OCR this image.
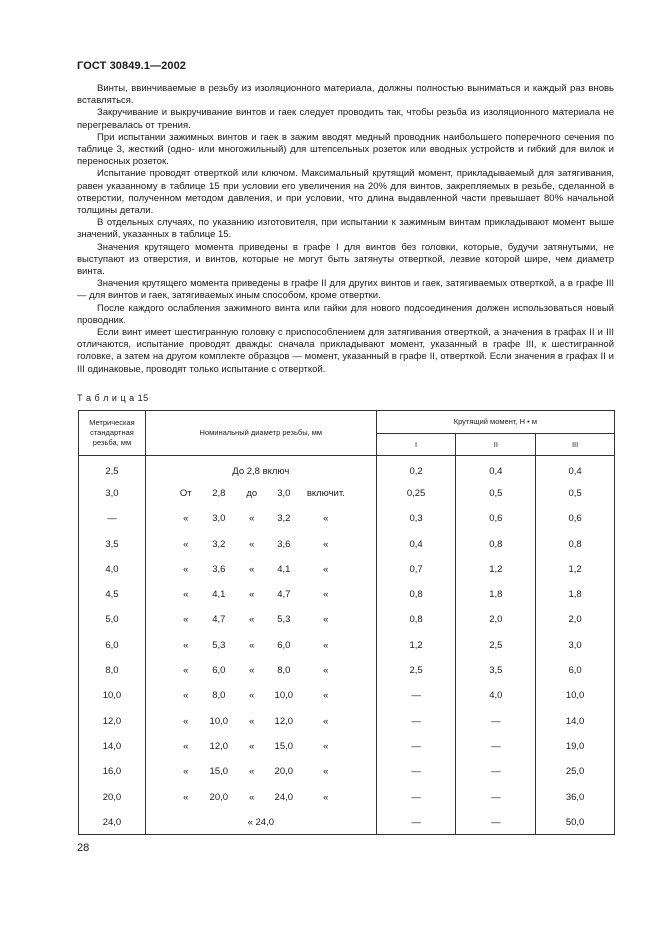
ГОСТ 30849.1—2002

Винты, ввинчиваемые в резьбу из изоляционного материала, должны полностью выниматься и каждый раз вновь вставляться.

Закручивание и выкручивание винтов и гаек следует проводить так, чтобы резьба из изоляционного материала не перегревалась от трения.

При испытании зажимных винтов и гаек в зажим вводят медный проводник наибольшего поперечного сечения по таблице 3, жесткий (одно- или многожильный) для штепсельных розеток или вводных устройств и гибкий для вилок и переносных розеток.

Испытание проводят отверткой или ключом. Максимальный крутящий момент, прикладываемый для затягивания, равен указанному в таблице 15 при условии его увеличения на 20% для винтов, закрепляемых в резьбе, сделанной в отверстии, полученном методом давления, и при условии, что длина выдавленной части превышает 80% начальной толщины детали.

В отдельных случаях, по указанию изготовителя, при испытании к зажимным винтам прикладывают момент выше значений, указанных в таблице 15.

Значения крутящего момента приведены в графе I для винтов без головки, которые, будучи затянутыми, не выступают из отверстия, и винтов, которые не могут быть затянуты отверткой, лезвие которой шире, чем диаметр винта.

Значения крутящего момента приведены в графе II для других винтов и гаек, затягиваемых отверткой, а в графе III — для винтов и гаек, затягиваемых иным способом, кроме отвертки.

После каждого ослабления зажимного винта или гайки для нового подсоединения должен использоваться новый проводник.

Если винт имеет шестигранную головку с приспособлением для затягивания отверткой, а значения в графах II и III отличаются, испытание проводят дважды: сначала прикладывают момент, указанный в графе III, к шестигранной головке, а затем на другом комплекте образцов — момент, указанный в графе II, отверткой. Если значения в графах II и III одинаковые, проводят только испытание с отверткой.

Т а б л и ц а 15
Метрическая стандартная резьба, мм	Номинальный диаметр резьбы, мм	Крутящий момент, Н • м		
		I	II	III
2,5	До 2,8 включ	0,2	0,4	0,4
3,0	От 2,8 до 3,0 включит.	0,25	0,5	0,5
—	« 3,0 « 3,2 «	0,3	0,6	0,6
3,5	« 3,2 « 3,6 «	0,4	0,8	0,8
4,0	« 3,6 « 4,1 «	0,7	1,2	1,2
4,5	« 4,1 « 4,7 «	0,8	1,8	1,8
5,0	« 4,7 « 5,3 «	0,8	2,0	2,0
6,0	« 5,3 « 6,0 «	1,2	2,5	3,0
8,0	« 6,0 « 8,0 «	2,5	3,5	6,0
10,0	« 8,0 « 10,0 «	—	4,0	10,0
12,0	« 10,0 « 12,0 «	—	—	14,0
14,0	« 12,0 « 15,0 «	—	—	19,0
16,0	« 15,0 « 20,0 «	—	—	25,0
20,0	« 20,0 « 24,0 «	—	—	36,0
24,0	« 24,0	—	—	50,0
28
